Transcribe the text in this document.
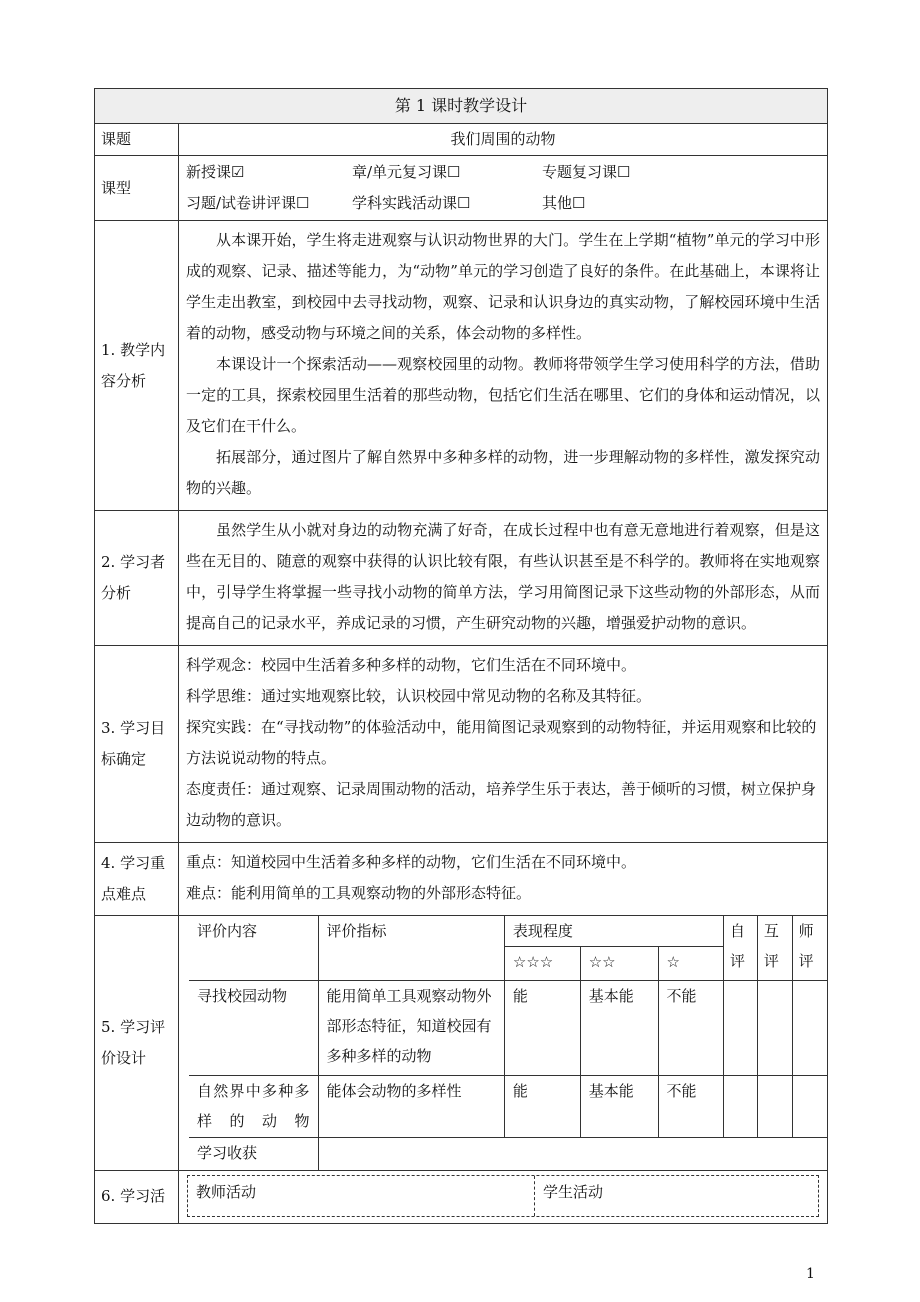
第 1 课时教学设计
课题	我们周围的动物
课型	
新授课☑	章/单元复习课☐	专题复习课☐
习题/试卷讲评课☐	学科实践活动课☐	其他☐

1. 教学内容分析	

从本课开始，学生将走进观察与认识动物世界的大门。学生在上学期“植物”单元的学习中形成的观察、记录、描述等能力，为“动物”单元的学习创造了良好的条件。在此基础上，本课将让学生走出教室，到校园中去寻找动物，观察、记录和认识身边的真实动物，了解校园环境中生活着的动物，感受动物与环境之间的关系，体会动物的多样性。

本课设计一个探索活动——观察校园里的动物。教师将带领学生学习使用科学的方法，借助一定的工具，探索校园里生活着的那些动物，包括它们生活在哪里、它们的身体和运动情况，以及它们在干什么。

拓展部分，通过图片了解自然界中多种多样的动物，进一步理解动物的多样性，激发探究动物的兴趣。

2. 学习者分析	

虽然学生从小就对身边的动物充满了好奇，在成长过程中也有意无意地进行着观察，但是这些在无目的、随意的观察中获得的认识比较有限，有些认识甚至是不科学的。教师将在实地观察中，引导学生将掌握一些寻找小动物的简单方法，学习用简图记录下这些动物的外部形态，从而提高自己的记录水平，养成记录的习惯，产生研究动物的兴趣，增强爱护动物的意识。

3. 学习目标确定	

科学观念：校园中生活着多种多样的动物，它们生活在不同环境中。

科学思维：通过实地观察比较，认识校园中常见动物的名称及其特征。

探究实践：在“寻找动物”的体验活动中，能用简图记录观察到的动物特征，并运用观察和比较的方法说说动物的特点。

态度责任：通过观察、记录周围动物的活动，培养学生乐于表达，善于倾听的习惯，树立保护身边动物的意识。

4. 学习重点难点	

重点：知道校园中生活着多种多样的动物，它们生活在不同环境中。

难点：能利用简单的工具观察动物的外部形态特征。

5. 学习评价设计	
评价内容	评价指标	表现程度	自评	互评	师评
☆☆☆	☆☆	☆
寻找校园动物	能用简单工具观察动物外部形态特征，知道校园有多种多样的动物	能	基本能	不能			
自然界中多种多样的动物	能体会动物的多样性	能	基本能	不能			
学习收获	

6. 学习活	教师活动	学生活动
1
